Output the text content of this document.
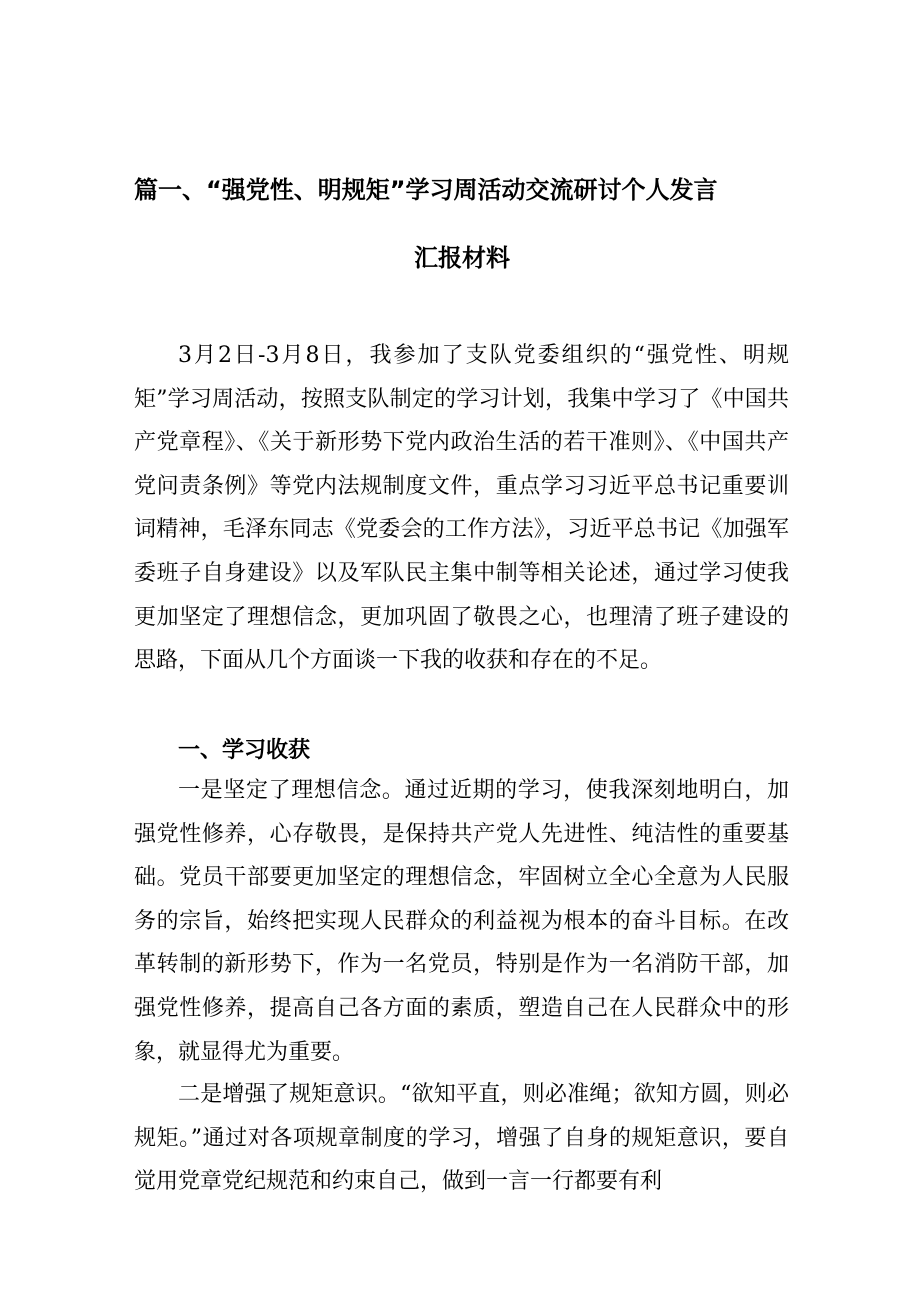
篇一、“强党性、明规矩”学习周活动交流研讨个人发言
汇报材料

3月2日-3月8日，我参加了支队党委组织的“强党性、明规矩”学习周活动，按照支队制定的学习计划，我集中学习了《中国共产党章程》、《关于新形势下党内政治生活的若干准则》、《中国共产党问责条例》等党内法规制度文件，重点学习习近平总书记重要训词精神，毛泽东同志《党委会的工作方法》，习近平总书记《加强军委班子自身建设》以及军队民主集中制等相关论述，通过学习使我更加坚定了理想信念，更加巩固了敬畏之心，也理清了班子建设的思路，下面从几个方面谈一下我的收获和存在的不足。

一、学习收获

一是坚定了理想信念。通过近期的学习，使我深刻地明白，加强党性修养，心存敬畏，是保持共产党人先进性、纯洁性的重要基础。党员干部要更加坚定的理想信念，牢固树立全心全意为人民服务的宗旨，始终把实现人民群众的利益视为根本的奋斗目标。在改革转制的新形势下，作为一名党员，特别是作为一名消防干部，加强党性修养，提高自己各方面的素质，塑造自己在人民群众中的形象，就显得尤为重要。

二是增强了规矩意识。“欲知平直，则必准绳；欲知方圆，则必规矩。”通过对各项规章制度的学习，增强了自身的规矩意识，要自觉用党章党纪规范和约束自己，做到一言一行都要有利
